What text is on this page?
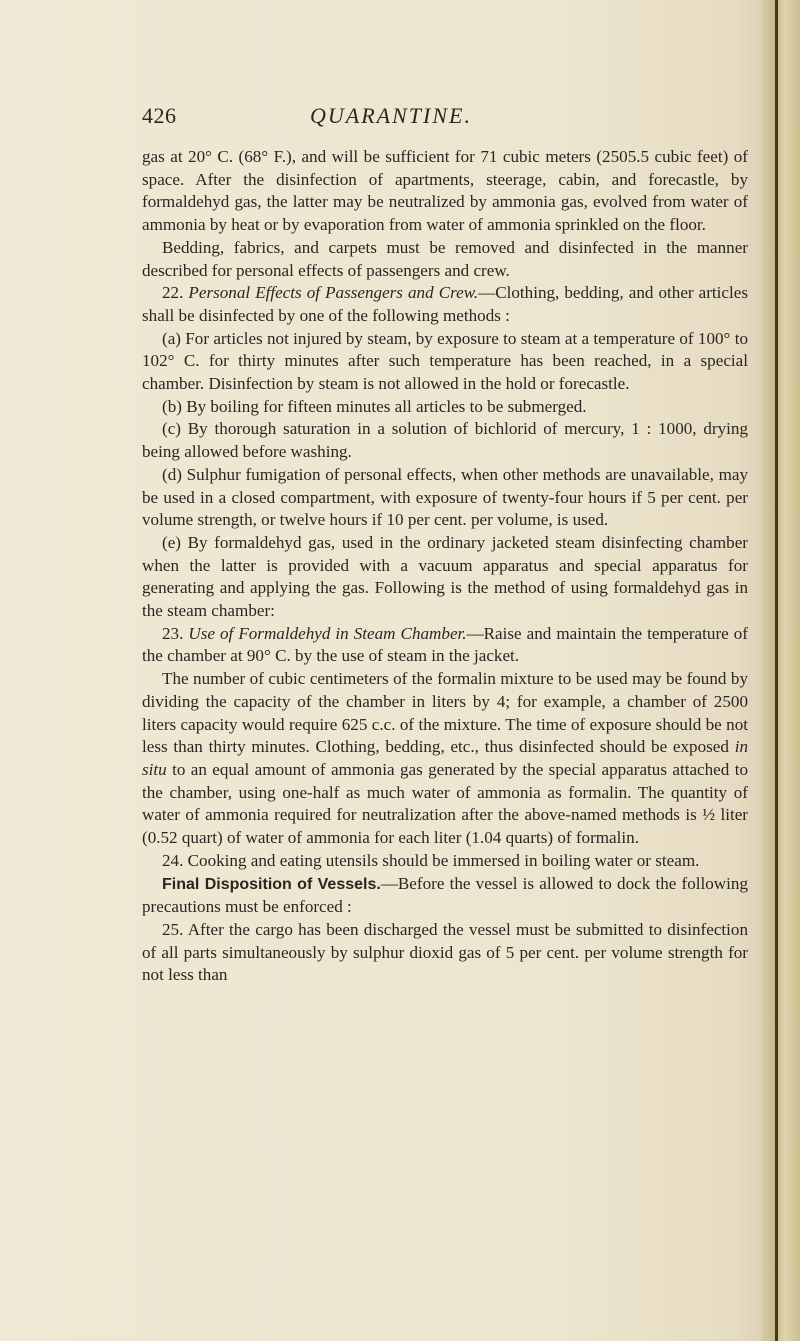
426	QUARANTINE.

gas at 20° C. (68° F.), and will be sufficient for 71 cubic meters (2505.5 cubic feet) of space. After the disinfection of apartments, steerage, cabin, and forecastle, by formaldehyd gas, the latter may be neutralized by ammonia gas, evolved from water of ammonia by heat or by evaporation from water of ammonia sprinkled on the floor.

Bedding, fabrics, and carpets must be removed and disinfected in the manner described for personal effects of passengers and crew.

22. Personal Effects of Passengers and Crew.—Clothing, bedding, and other articles shall be disinfected by one of the following methods :

(a) For articles not injured by steam, by exposure to steam at a temperature of 100° to 102° C. for thirty minutes after such temperature has been reached, in a special chamber. Disinfection by steam is not allowed in the hold or forecastle.

(b) By boiling for fifteen minutes all articles to be submerged.

(c) By thorough saturation in a solution of bichlorid of mercury, 1 : 1000, drying being allowed before washing.

(d) Sulphur fumigation of personal effects, when other methods are unavailable, may be used in a closed compartment, with exposure of twenty-four hours if 5 per cent. per volume strength, or twelve hours if 10 per cent. per volume, is used.

(e) By formaldehyd gas, used in the ordinary jacketed steam disinfecting chamber when the latter is provided with a vacuum apparatus and special apparatus for generating and applying the gas. Following is the method of using formaldehyd gas in the steam chamber:

23. Use of Formaldehyd in Steam Chamber.—Raise and maintain the temperature of the chamber at 90° C. by the use of steam in the jacket.

The number of cubic centimeters of the formalin mixture to be used may be found by dividing the capacity of the chamber in liters by 4; for example, a chamber of 2500 liters capacity would require 625 c.c. of the mixture. The time of exposure should be not less than thirty minutes. Clothing, bedding, etc., thus disinfected should be exposed in situ to an equal amount of ammonia gas generated by the special apparatus attached to the chamber, using one-half as much water of ammonia as formalin. The quantity of water of ammonia required for neutralization after the above-named methods is ½ liter (0.52 quart) of water of ammonia for each liter (1.04 quarts) of formalin.

24. Cooking and eating utensils should be immersed in boiling water or steam.

Final Disposition of Vessels.—Before the vessel is allowed to dock the following precautions must be enforced :

25. After the cargo has been discharged the vessel must be submitted to disinfection of all parts simultaneously by sulphur dioxid gas of 5 per cent. per volume strength for not less than
